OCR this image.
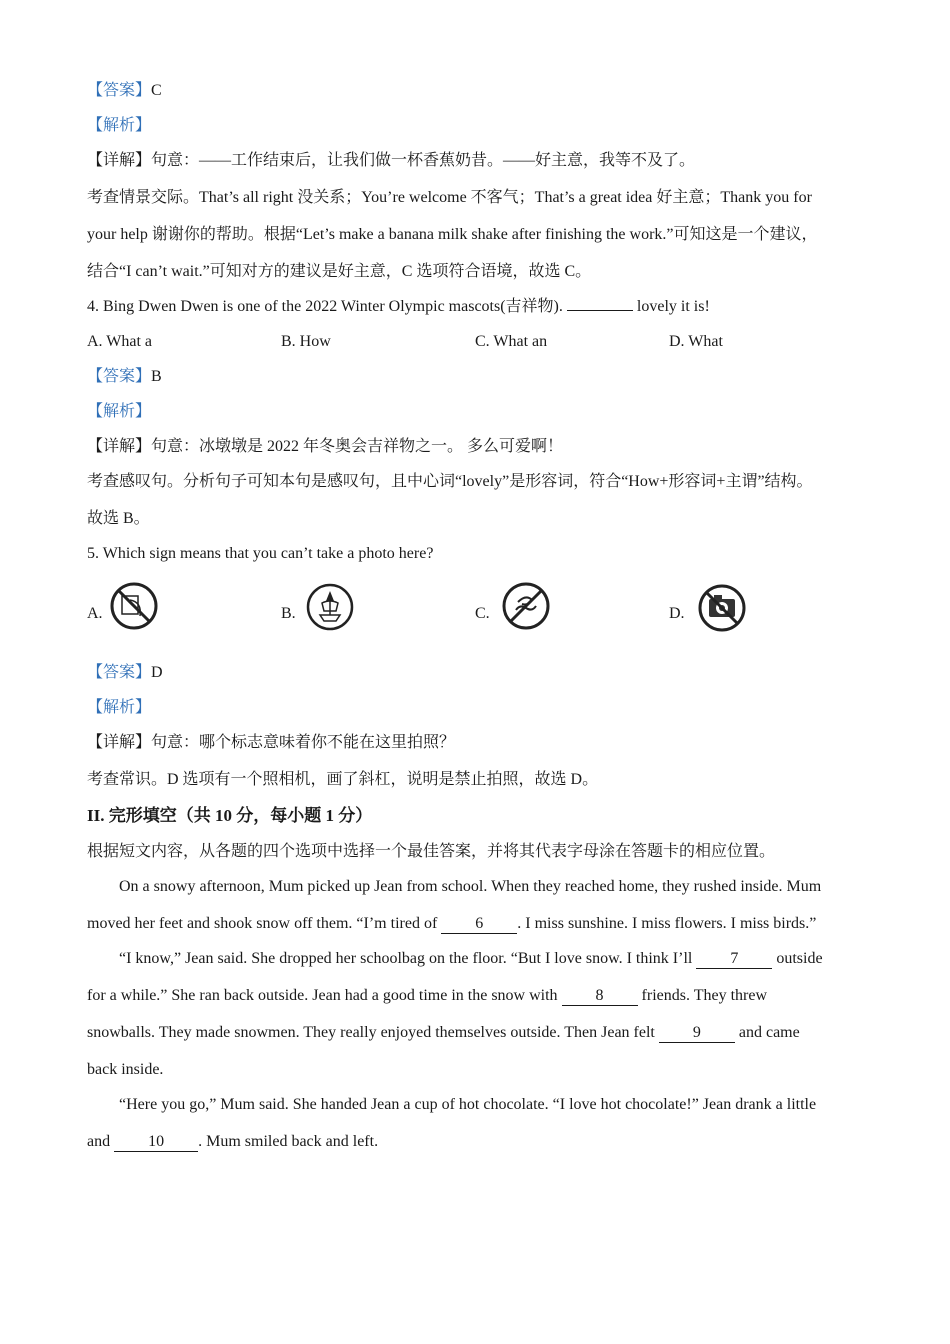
【答案】C
【解析】
【详解】句意：——工作结束后，让我们做一杯香蕉奶昔。——好主意，我等不及了。
考查情景交际。That’s all right 没关系；You’re welcome 不客气；That’s a great idea 好主意；Thank you for
your help 谢谢你的帮助。根据“Let’s make a banana milk shake after finishing the work.”可知这是一个建议，
结合“I can’t wait.”可知对方的建议是好主意，C 选项符合语境，故选 C。
4. Bing Dwen Dwen is one of the 2022 Winter Olympic mascots(吉祥物).	lovely it is!
A. What a	B. How	C. What an	D. What
【答案】B
【解析】
【详解】句意：冰墩墩是 2022 年冬奥会吉祥物之一。 多么可爱啊！
考查感叹句。分析句子可知本句是感叹句，且中心词“lovely”是形容词，符合“How+形容词+主谓”结构。
故选 B。
5. Which sign means that you can’t take a photo here?
A.	B.	C.	D.
【答案】D
【解析】
【详解】句意：哪个标志意味着你不能在这里拍照？
考查常识。D 选项有一个照相机，画了斜杠，说明是禁止拍照，故选 D。
II. 完形填空（共 10 分，每小题 1 分）
根据短文内容，从各题的四个选项中选择一个最佳答案，并将其代表字母涂在答题卡的相应位置。
On a snowy afternoon, Mum picked up Jean from school. When they reached home, they rushed inside. Mum
moved her feet and shook snow off them. “I’m tired of 6 . I miss sunshine. I miss flowers. I miss birds.”
“I know,” Jean said. She dropped her schoolbag on the floor. “But I love snow. I think I’ll 7 outside
for a while.” She ran back outside. Jean had a good time in the snow with 8 friends. They threw
snowballs. They made snowmen. They really enjoyed themselves outside. Then Jean felt 9 and came
back inside.
“Here you go,” Mum said. She handed Jean a cup of hot chocolate. “I love hot chocolate!” Jean drank a little
and 10 . Mum smiled back and left.
